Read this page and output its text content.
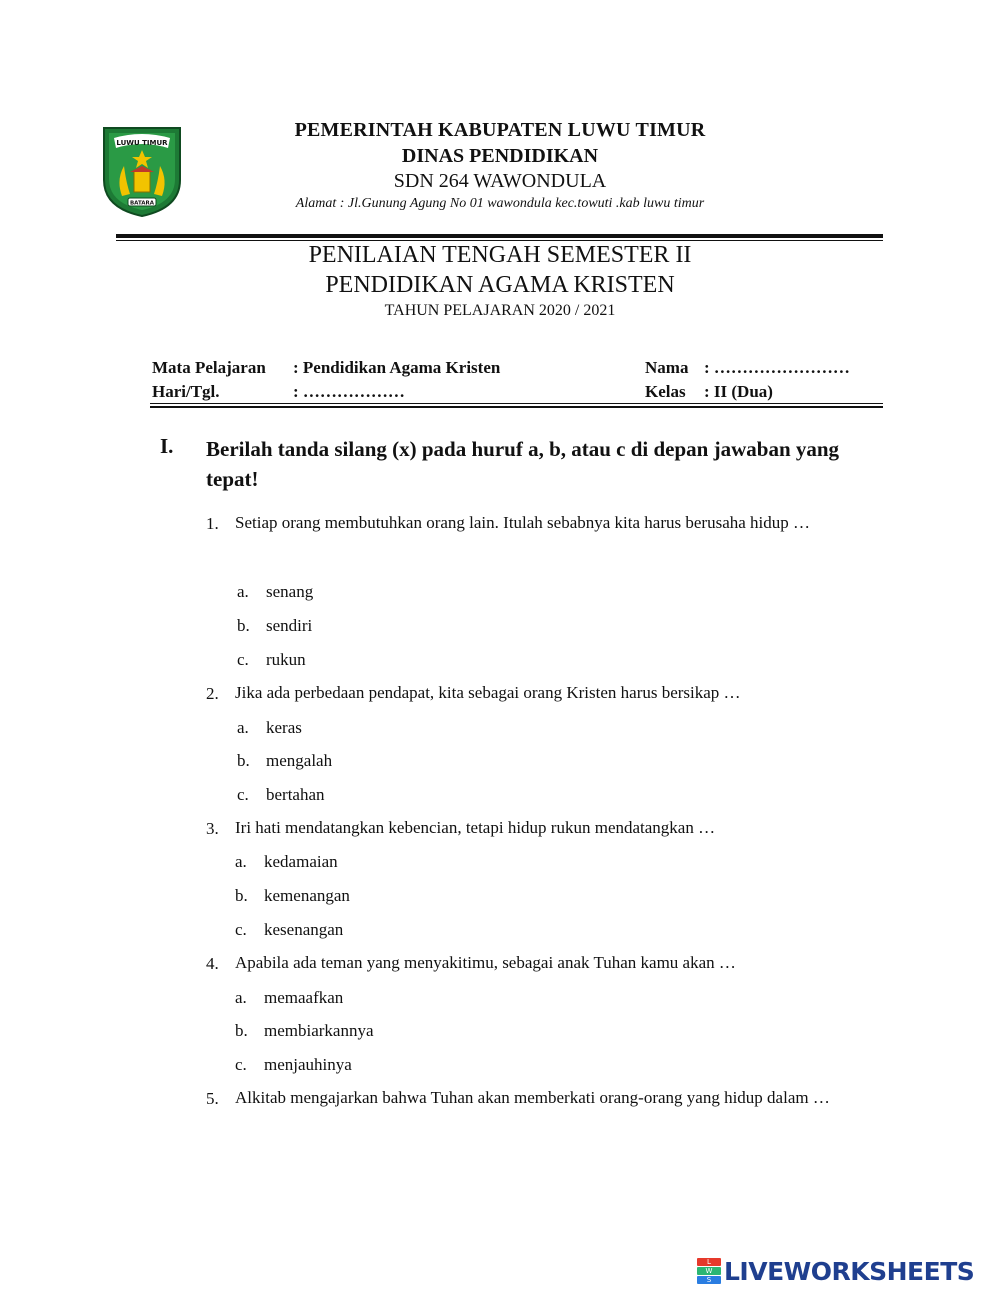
LUWU TIMUR
BATARA
PEMERINTAH KABUPATEN LUWU TIMUR
DINAS PENDIDIKAN
SDN 264 WAWONDULA
Alamat : Jl.Gunung Agung No 01 wawondula kec.towuti .kab luwu timur
PENILAIAN TENGAH SEMESTER II
PENDIDIKAN AGAMA KRISTEN
TAHUN PELAJARAN 2020 / 2021
Mata Pelajaran : Pendidikan Agama Kristen
Hari/Tgl.	: ………………
Nama : ……………………
Kelas : II (Dua)
I. Berilah tanda silang (x) pada huruf a, b, atau c di depan jawaban yang tepat!
1. Setiap orang membutuhkan orang lain. Itulah sebabnya kita harus berusaha hidup …
a. senang
b. sendiri
c. rukun
2. Jika ada perbedaan pendapat, kita sebagai orang Kristen harus bersikap …
a. keras
b. mengalah
c. bertahan
3. Iri hati mendatangkan kebencian, tetapi hidup rukun mendatangkan …
a. kedamaian
b. kemenangan
c. kesenangan
4. Apabila ada teman yang menyakitimu, sebagai anak Tuhan kamu akan …
a. memaafkan
b. membiarkannya
c. menjauhinya
5. Alkitab mengajarkan bahwa Tuhan akan memberkati orang-orang yang hidup dalam …
L
W
S LIVEWORKSHEETS
